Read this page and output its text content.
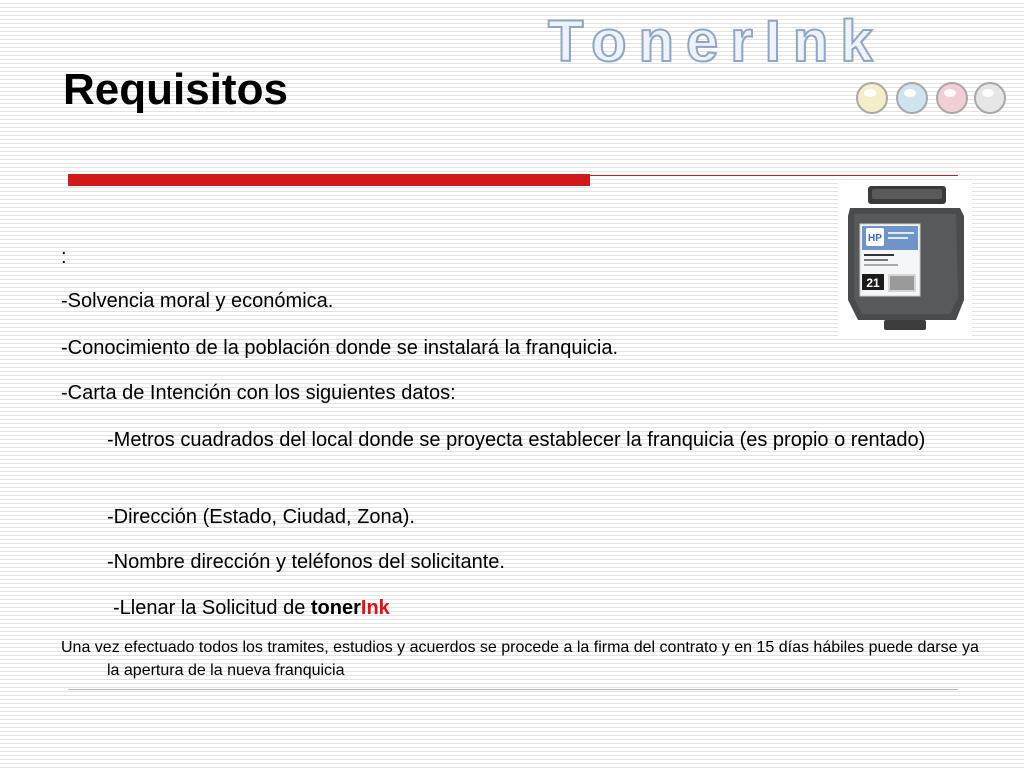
TonerInk
Requisitos
HP
21
:
-Solvencia moral y económica.
-Conocimiento de la población donde se instalará la franquicia.
-Carta de Intención con los siguientes datos:
-Metros cuadrados del local donde se proyecta establecer la franquicia (es propio o rentado)
-Dirección (Estado, Ciudad, Zona).
-Nombre dirección y teléfonos del solicitante.
-Llenar la Solicitud de tonerInk
Una vez efectuado todos los tramites, estudios y acuerdos se procede a la firma del contrato y en 15 días hábiles puede darse ya la apertura de la nueva franquicia
